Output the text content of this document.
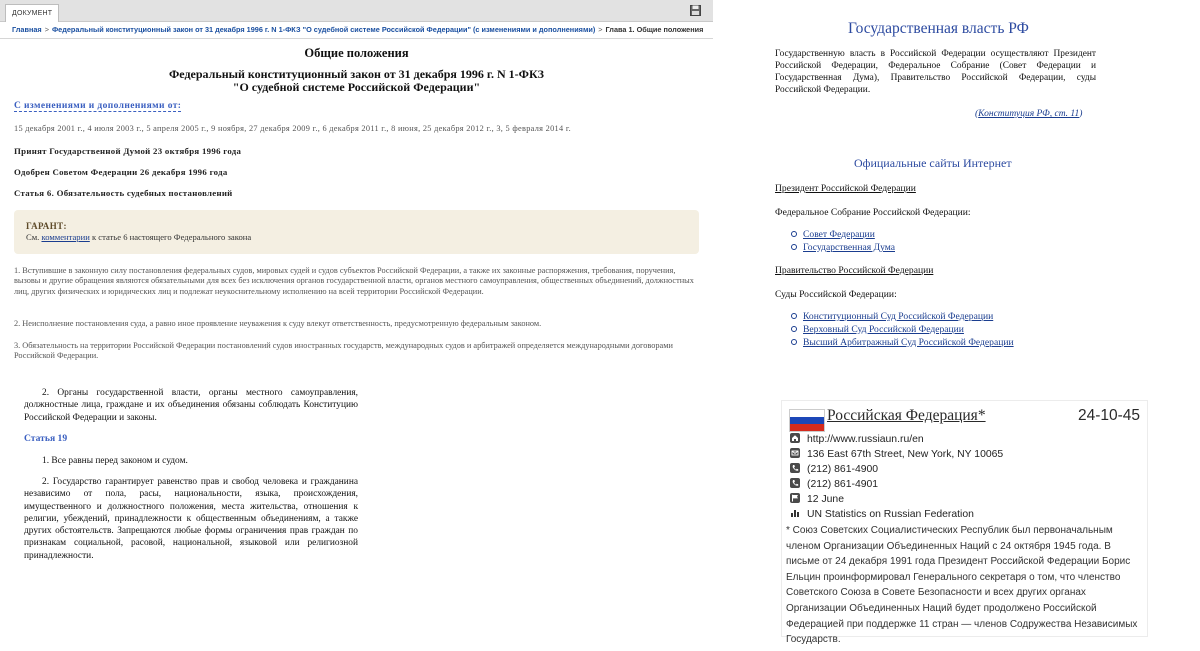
ДОКУМЕНТ
Главная > Федеральный конституционный закон от 31 декабря 1996 г. N 1-ФКЗ "О судебной системе Российской Федерации" (с изменениями и дополнениями) > Глава 1. Общие положения
Общие положения
Федеральный конституционный закон от 31 декабря 1996 г. N 1-ФКЗ
"О судебной системе Российской Федерации"
С изменениями и дополнениями от:
15 декабря 2001 г., 4 июля 2003 г., 5 апреля 2005 г., 9 ноября, 27 декабря 2009 г., 6 декабря 2011 г., 8 июня, 25 декабря 2012 г., 3, 5 февраля 2014 г.
Принят Государственной Думой 23 октября 1996 года
Одобрен Советом Федерации 26 декабря 1996 года
Статья 6. Обязательность судебных постановлений
ГАРАНТ:
См. комментарии к статье 6 настоящего Федерального закона
1. Вступившие в законную силу постановления федеральных судов, мировых судей и судов субъектов Российской Федерации, а также их законные распоряжения, требования, поручения, вызовы и другие обращения являются обязательными для всех без исключения органов государственной власти, органов местного самоуправления, общественных объединений, должностных лиц, других физических и юридических лиц и подлежат неукоснительному исполнению на всей территории Российской Федерации.
2. Неисполнение постановления суда, а равно иное проявление неуважения к суду влекут ответственность, предусмотренную федеральным законом.
3. Обязательность на территории Российской Федерации постановлений судов иностранных государств, международных судов и арбитражей определяется международными договорами Российской Федерации.
2. Органы государственной власти, органы местного самоуправления, должностные лица, граждане и их объединения обязаны соблюдать Конституцию Российской Федерации и законы.
Статья 19
1. Все равны перед законом и судом.
2. Государство гарантирует равенство прав и свобод человека и гражданина независимо от пола, расы, национальности, языка, происхождения, имущественного и должностного положения, места жительства, отношения к религии, убеждений, принадлежности к общественным объединениям, а также других обстоятельств. Запрещаются любые формы ограничения прав граждан по признакам социальной, расовой, национальной, языковой или религиозной принадлежности.
Государственная власть РФ
Государственную власть в Российской Федерации осуществляют Президент Российской Федерации, Федеральное Собрание (Совет Федерации и Государственная Дума), Правительство Российской Федерации, суды Российской Федерации.
(Конституция РФ, ст. 11)
Официальные сайты Интернет
Президент Российской Федерации
Федеральное Собрание Российской Федерации:
Совет Федерации
Государственная Дума
Правительство Российской Федерации
Суды Российской Федерации:
Конституционный Суд Российской Федерации
Верховный Суд Российской Федерации
Высший Арбитражный Суд Российской Федерации
Российская Федерация*	24-10-45
http://www.russiaun.ru/en
136 East 67th Street, New York, NY 10065
(212) 861-4900
(212) 861-4901
12 June
UN Statistics on Russian Federation
* Союз Советских Социалистических Республик был первоначальным членом Организации Объединенных Наций с 24 октября 1945 года. В письме от 24 декабря 1991 года Президент Российской Федерации Борис Ельцин проинформировал Генерального секретаря о том, что членство Советского Союза в Совете Безопасности и всех других органах Организации Объединенных Наций будет продолжено Российской Федерацией при поддержке 11 стран — членов Содружества Независимых Государств.
